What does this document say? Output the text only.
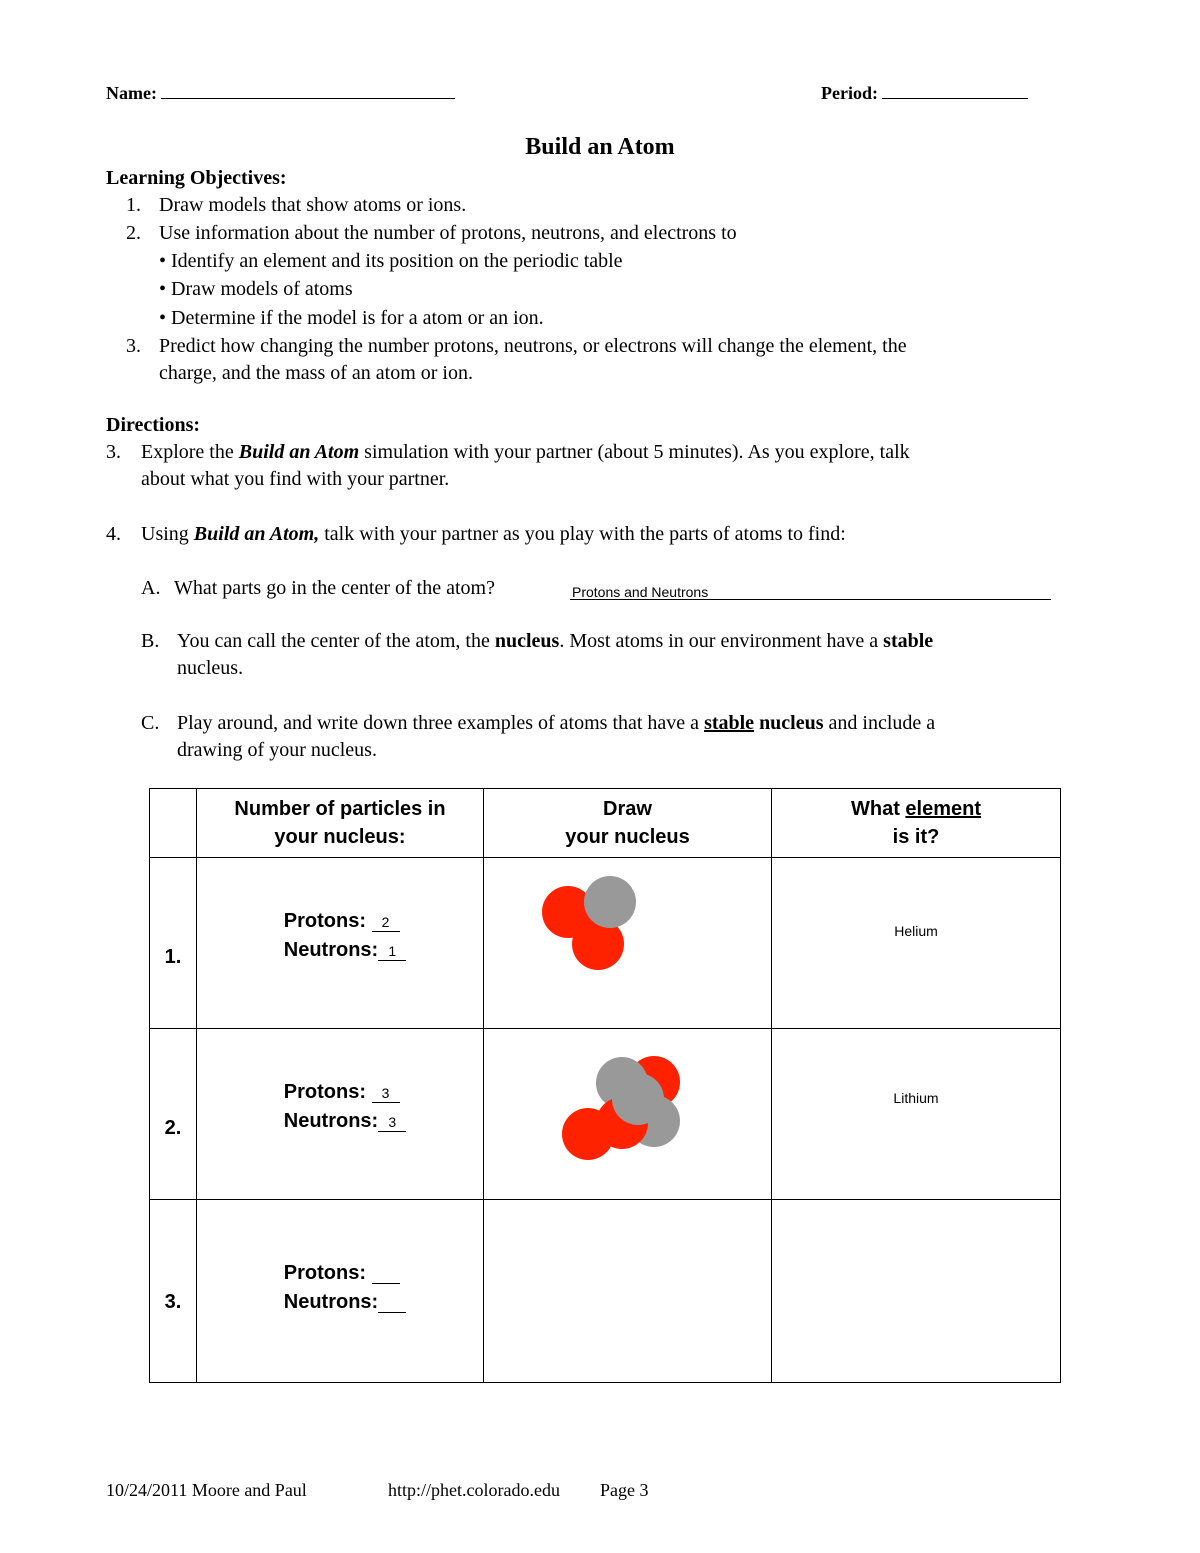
Name:	Period:
Build an Atom
Learning Objectives:
1. Draw models that show atoms or ions.
2. Use information about the number of protons, neutrons, and electrons to
• Identify an element and its position on the periodic table
• Draw models of atoms
• Determine if the model is for a atom or an ion.
3. Predict how changing the number protons, neutrons, or electrons will change the element, the
charge, and the mass of an atom or ion.
Directions:
3. Explore the Build an Atom simulation with your partner (about 5 minutes). As you explore, talk
about what you find with your partner.
4. Using Build an Atom, talk with your partner as you play with the parts of atoms to find:
A. What parts go in the center of the atom?	Protons and Neutrons
B. You can call the center of the atom, the nucleus. Most atoms in our environment have a stable
nucleus.
C. Play around, and write down three examples of atoms that have a stable nucleus and include a
drawing of your nucleus.
	Number of particles in
your nucleus:	Draw
your nucleus	What element
is it?
1.	Protons: 2
Neutrons: 1		Helium

2.	Protons: 3
Neutrons: 3		Lithium

3.	Protons:
Neutrons:		
10/24/2011 Moore and Paul	http://phet.colorado.edu Page 3
